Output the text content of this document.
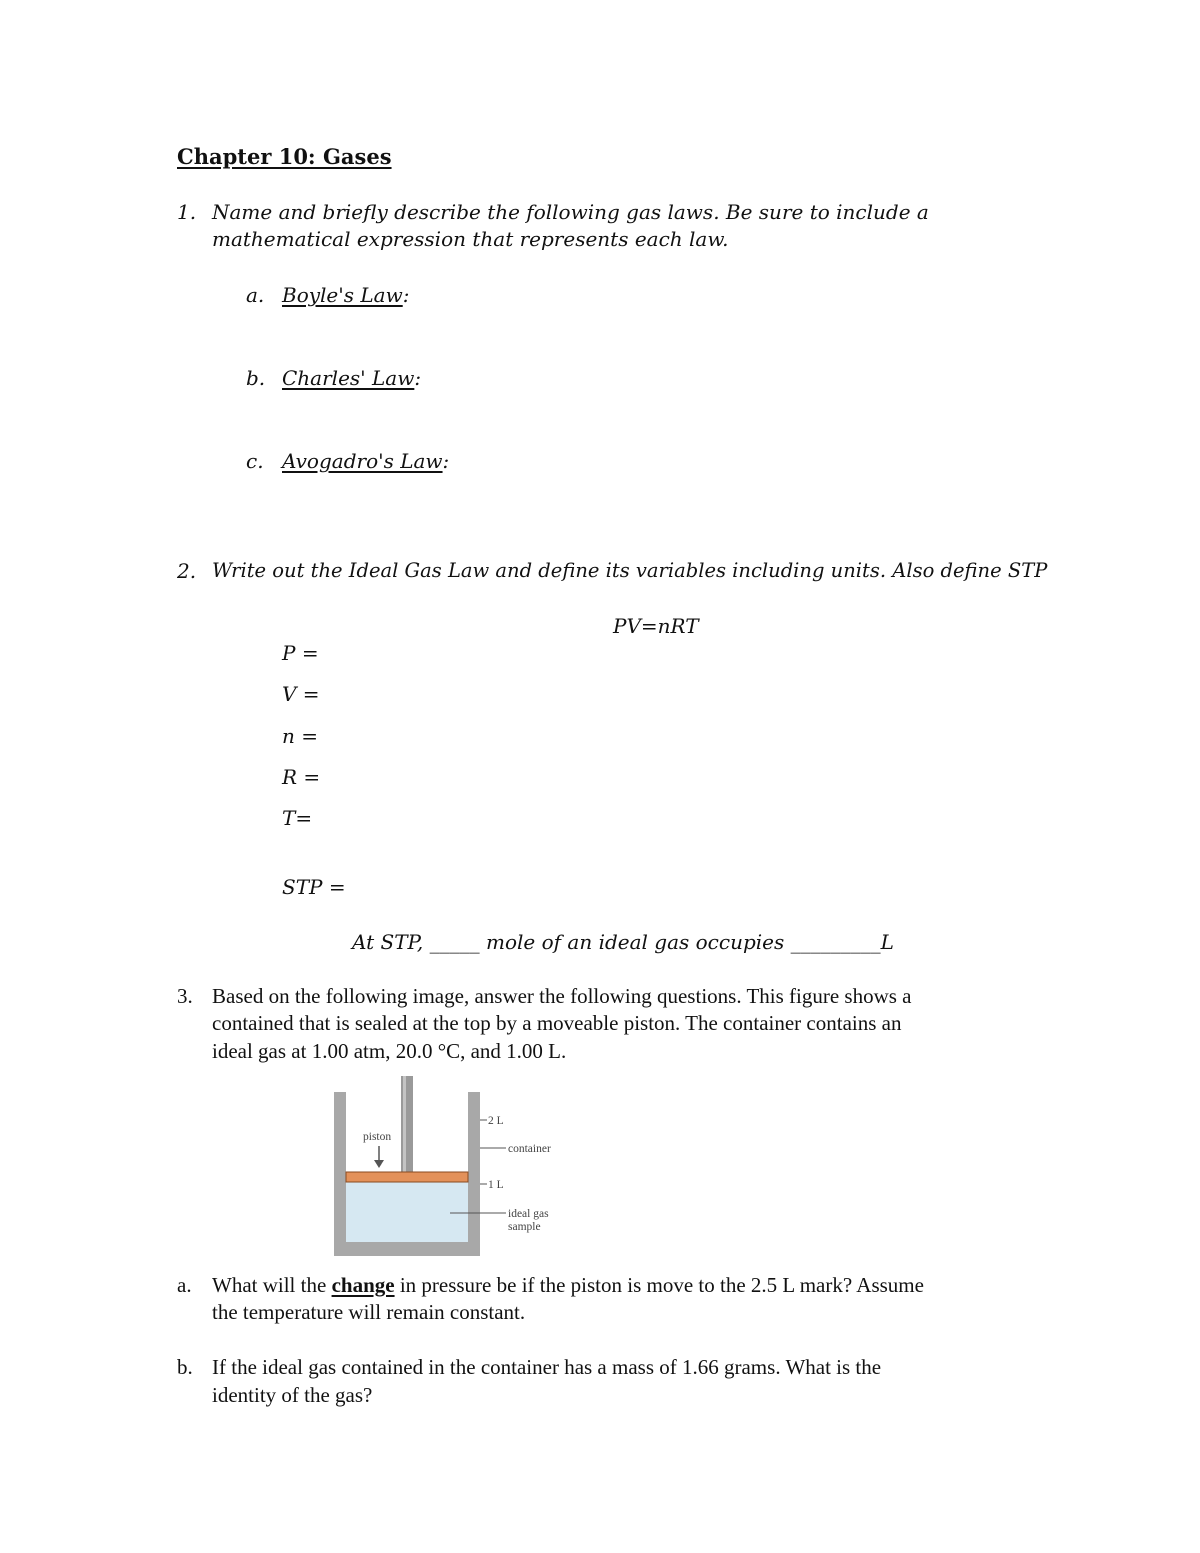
Chapter 10: Gases
1. Name and briefly describe the following gas laws. Be sure to include a
mathematical expression that represents each law.
a. Boyle's Law:
b. Charles' Law:
c. Avogadro's Law:
2. Write out the Ideal Gas Law and define its variables including units. Also define STP
PV=nRT
P =
V =
n =
R =
T=
STP =
At STP, _____ mole of an ideal gas occupies _________L
3. Based on the following image, answer the following questions. This figure shows a
contained that is sealed at the top by a moveable piston. The container contains an
ideal gas at 1.00 atm, 20.0 °C, and 1.00 L.
piston
2 L
container
1 L
ideal gas
sample
a. What will the change in pressure be if the piston is move to the 2.5 L mark? Assume
the temperature will remain constant.
b. If the ideal gas contained in the container has a mass of 1.66 grams. What is the
identity of the gas?
